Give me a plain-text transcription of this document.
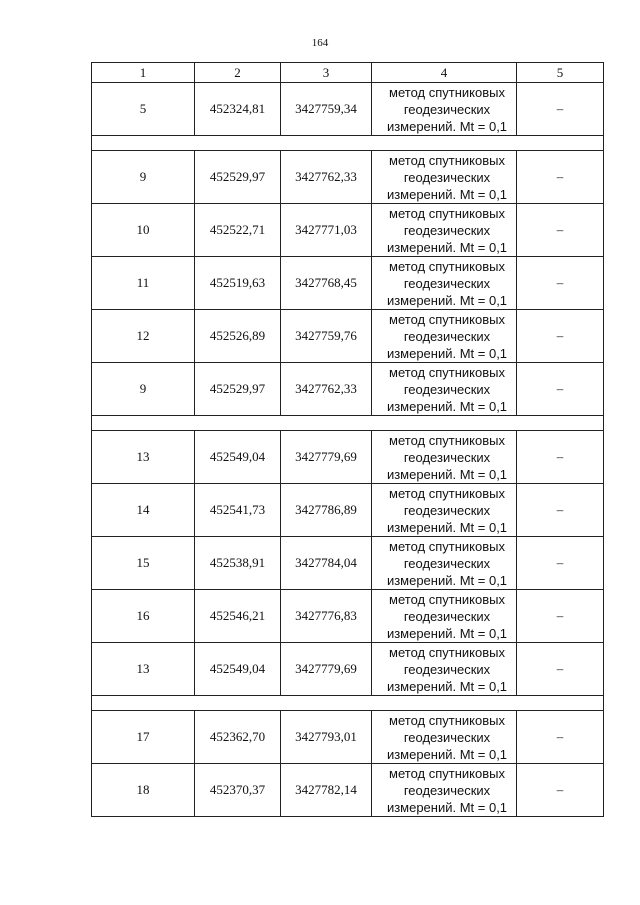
164
1	2	3	4	5
5	452324,81	3427759,34	метод спутниковых
геодезических
измерений. Mt = 0,1	–

9	452529,97	3427762,33	метод спутниковых
геодезических
измерений. Mt = 0,1	–
10	452522,71	3427771,03	метод спутниковых
геодезических
измерений. Mt = 0,1	–
11	452519,63	3427768,45	метод спутниковых
геодезических
измерений. Mt = 0,1	–
12	452526,89	3427759,76	метод спутниковых
геодезических
измерений. Mt = 0,1	–
9	452529,97	3427762,33	метод спутниковых
геодезических
измерений. Mt = 0,1	–

13	452549,04	3427779,69	метод спутниковых
геодезических
измерений. Mt = 0,1	–
14	452541,73	3427786,89	метод спутниковых
геодезических
измерений. Mt = 0,1	–
15	452538,91	3427784,04	метод спутниковых
геодезических
измерений. Mt = 0,1	–
16	452546,21	3427776,83	метод спутниковых
геодезических
измерений. Mt = 0,1	–
13	452549,04	3427779,69	метод спутниковых
геодезических
измерений. Mt = 0,1	–

17	452362,70	3427793,01	метод спутниковых
геодезических
измерений. Mt = 0,1	–
18	452370,37	3427782,14	метод спутниковых
геодезических
измерений. Mt = 0,1	–
